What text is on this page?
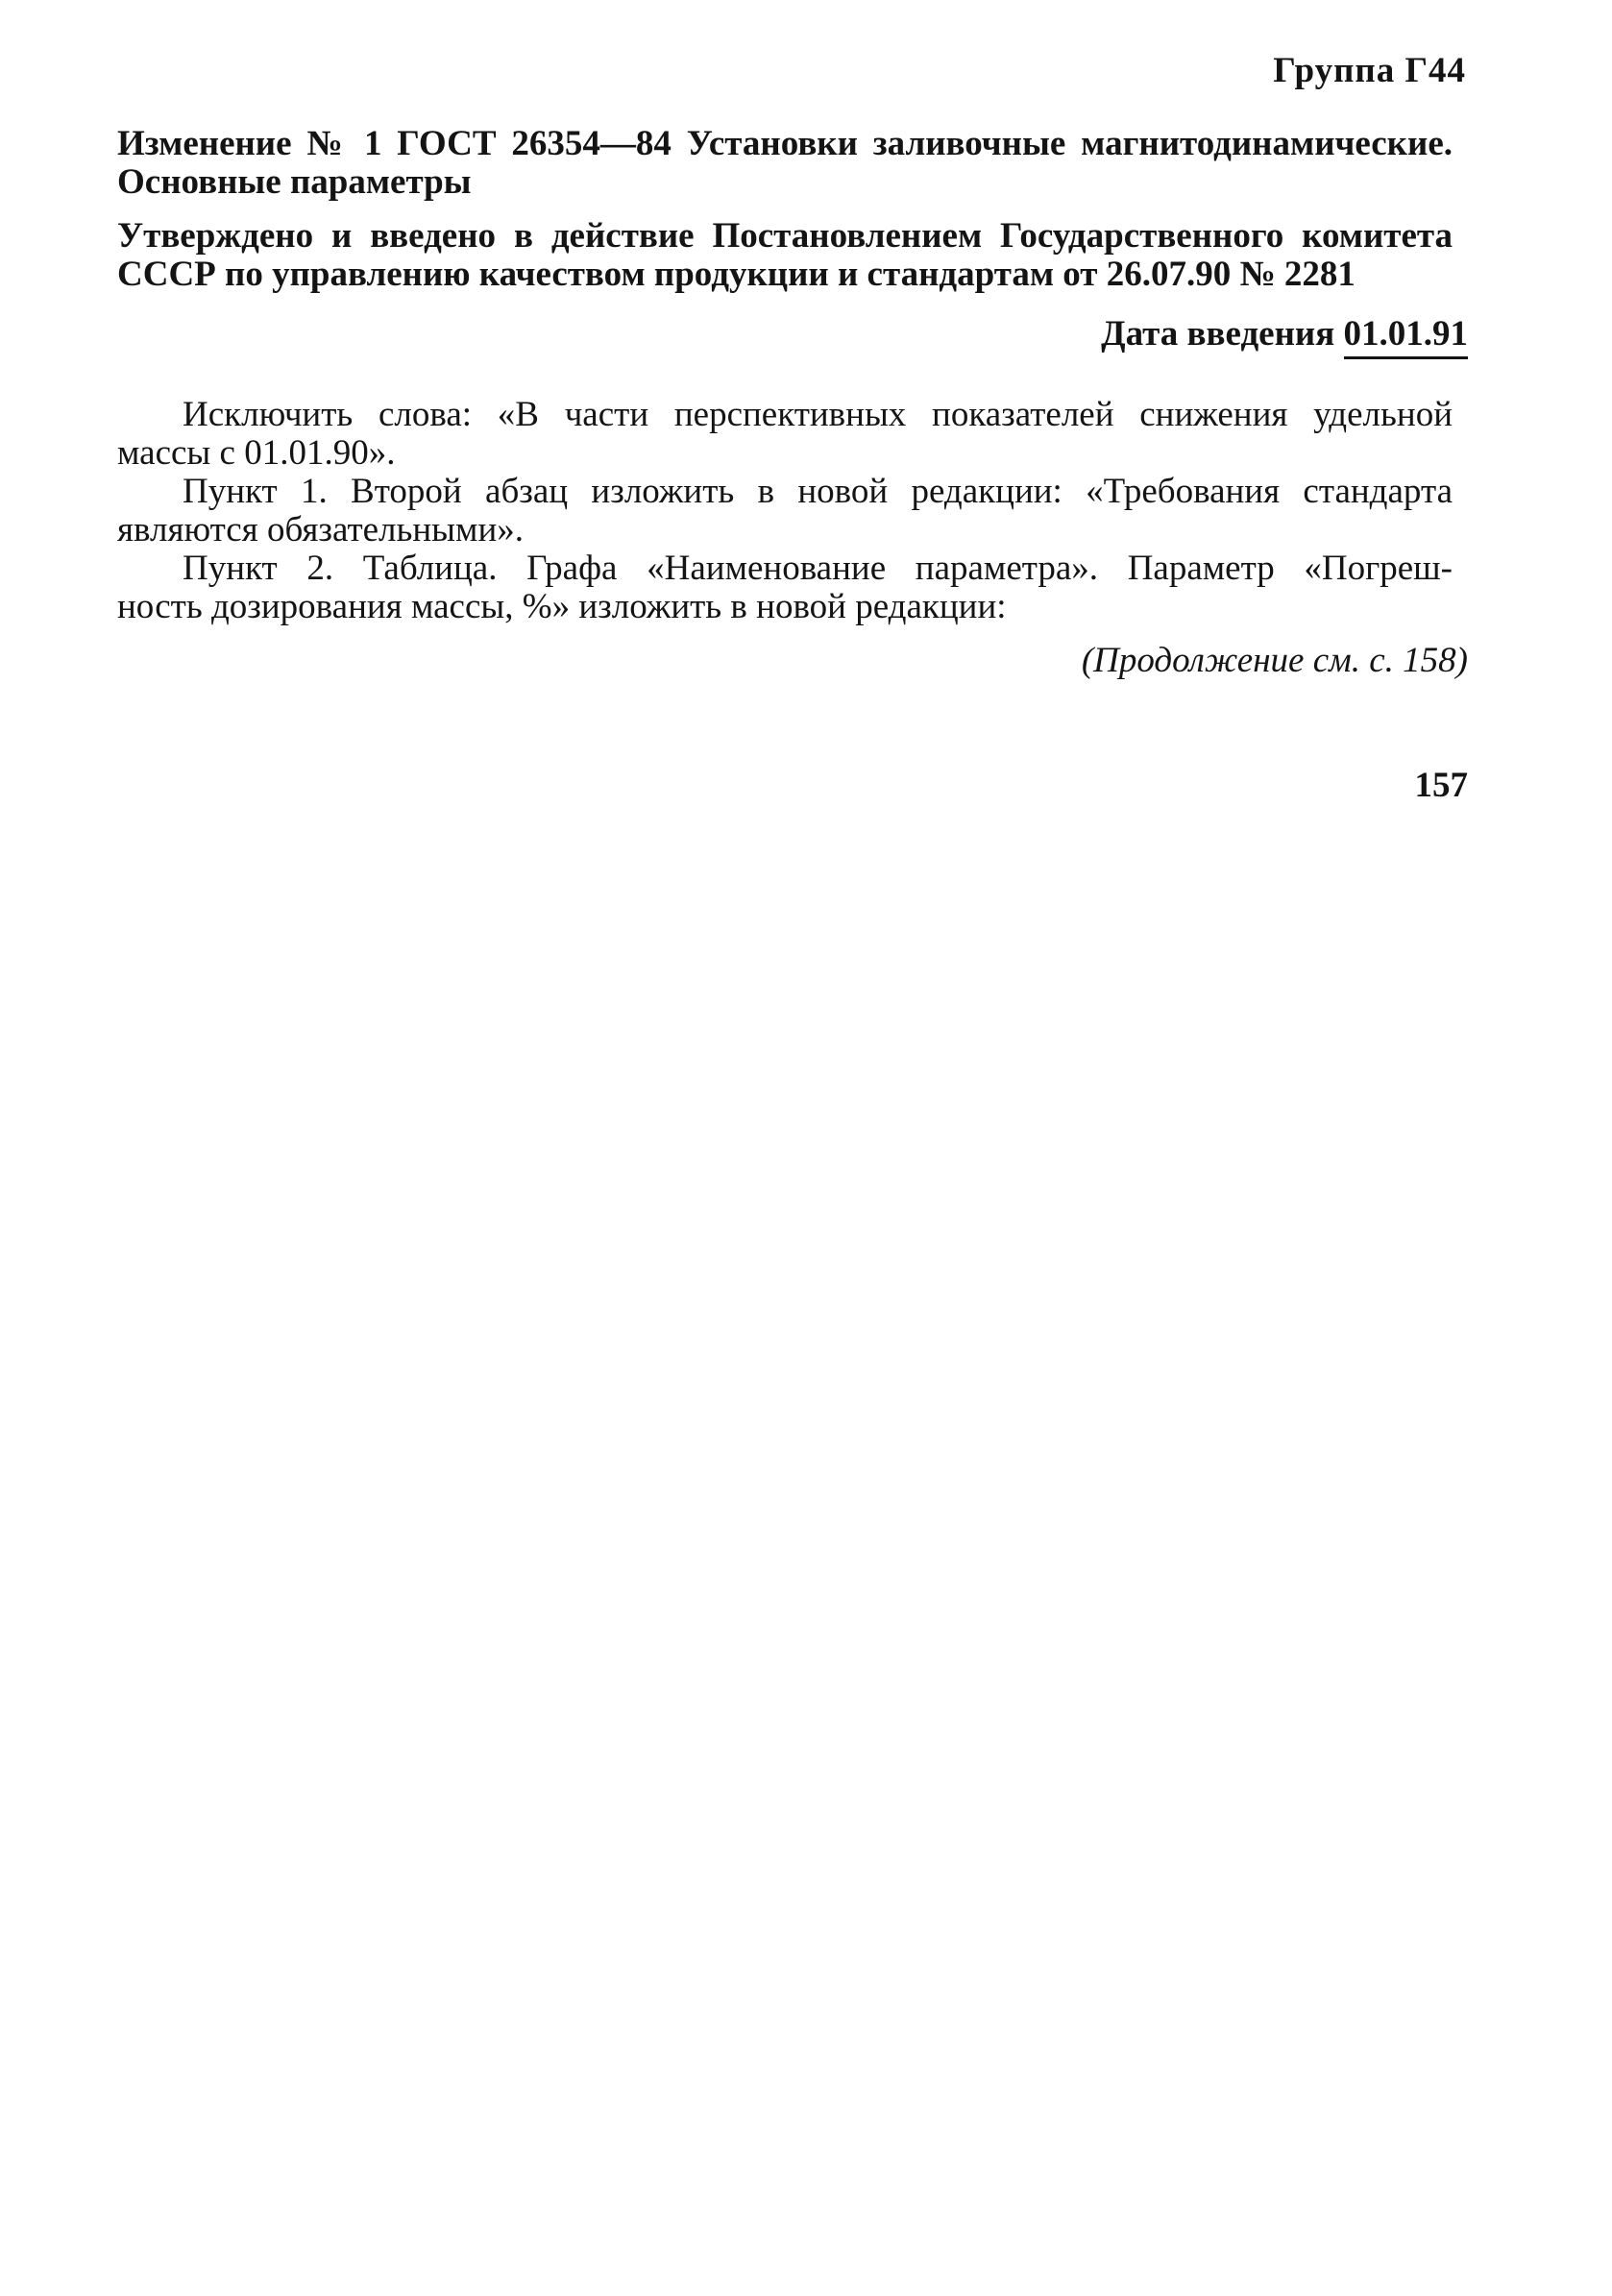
Группа Г44
Изменение № 1 ГОСТ 26354—84 Установки заливочные магнитодинамические.
Основные параметры
Утверждено и введено в действие Постановлением Государственного комитета
СССР по управлению качеством продукции и стандартам от 26.07.90 № 2281
Дата введения 01.01.91
Исключить слова: «В части перспективных показателей снижения удельной
массы с 01.01.90».
Пункт 1. Второй абзац изложить в новой редакции: «Требования стандарта
являются обязательными».
Пункт 2. Таблица. Графа «Наименование параметра». Параметр «Погреш-
ность дозирования массы, %» изложить в новой редакции:
(Продолжение см. с. 158)
157
